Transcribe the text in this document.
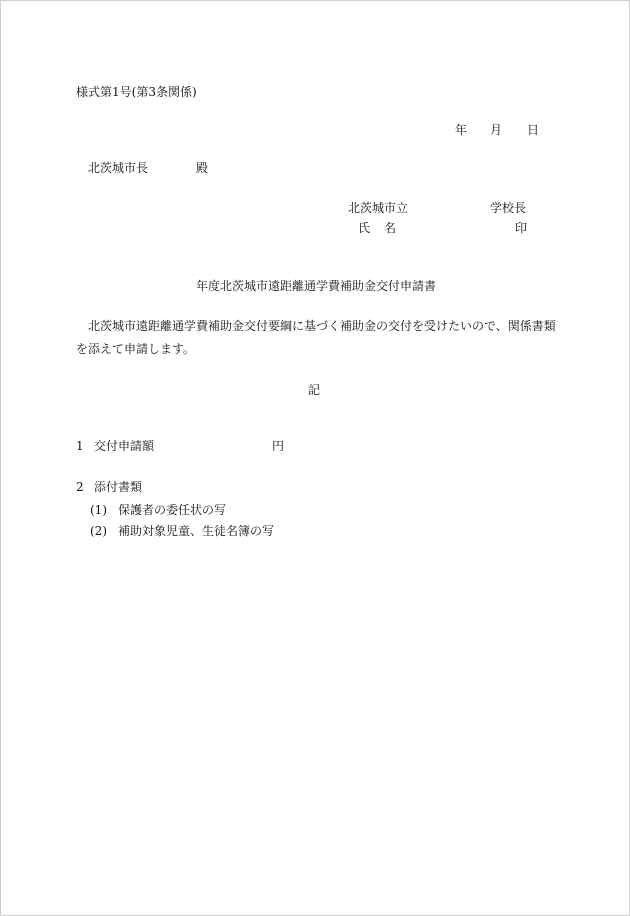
様式第1号(第3条関係)
年 月 日
北茨城市長	殿
北茨城市立	学校長
氏 名	印
年度北茨城市遠距離通学費補助金交付申請書
北茨城市遠距離通学費補助金交付要綱に基づく補助金の交付を受けたいので、関係書類
を添えて申請します。
記
1 交付申請額	円
2 添付書類
(1) 保護者の委任状の写
(2) 補助対象児童、生徒名簿の写
